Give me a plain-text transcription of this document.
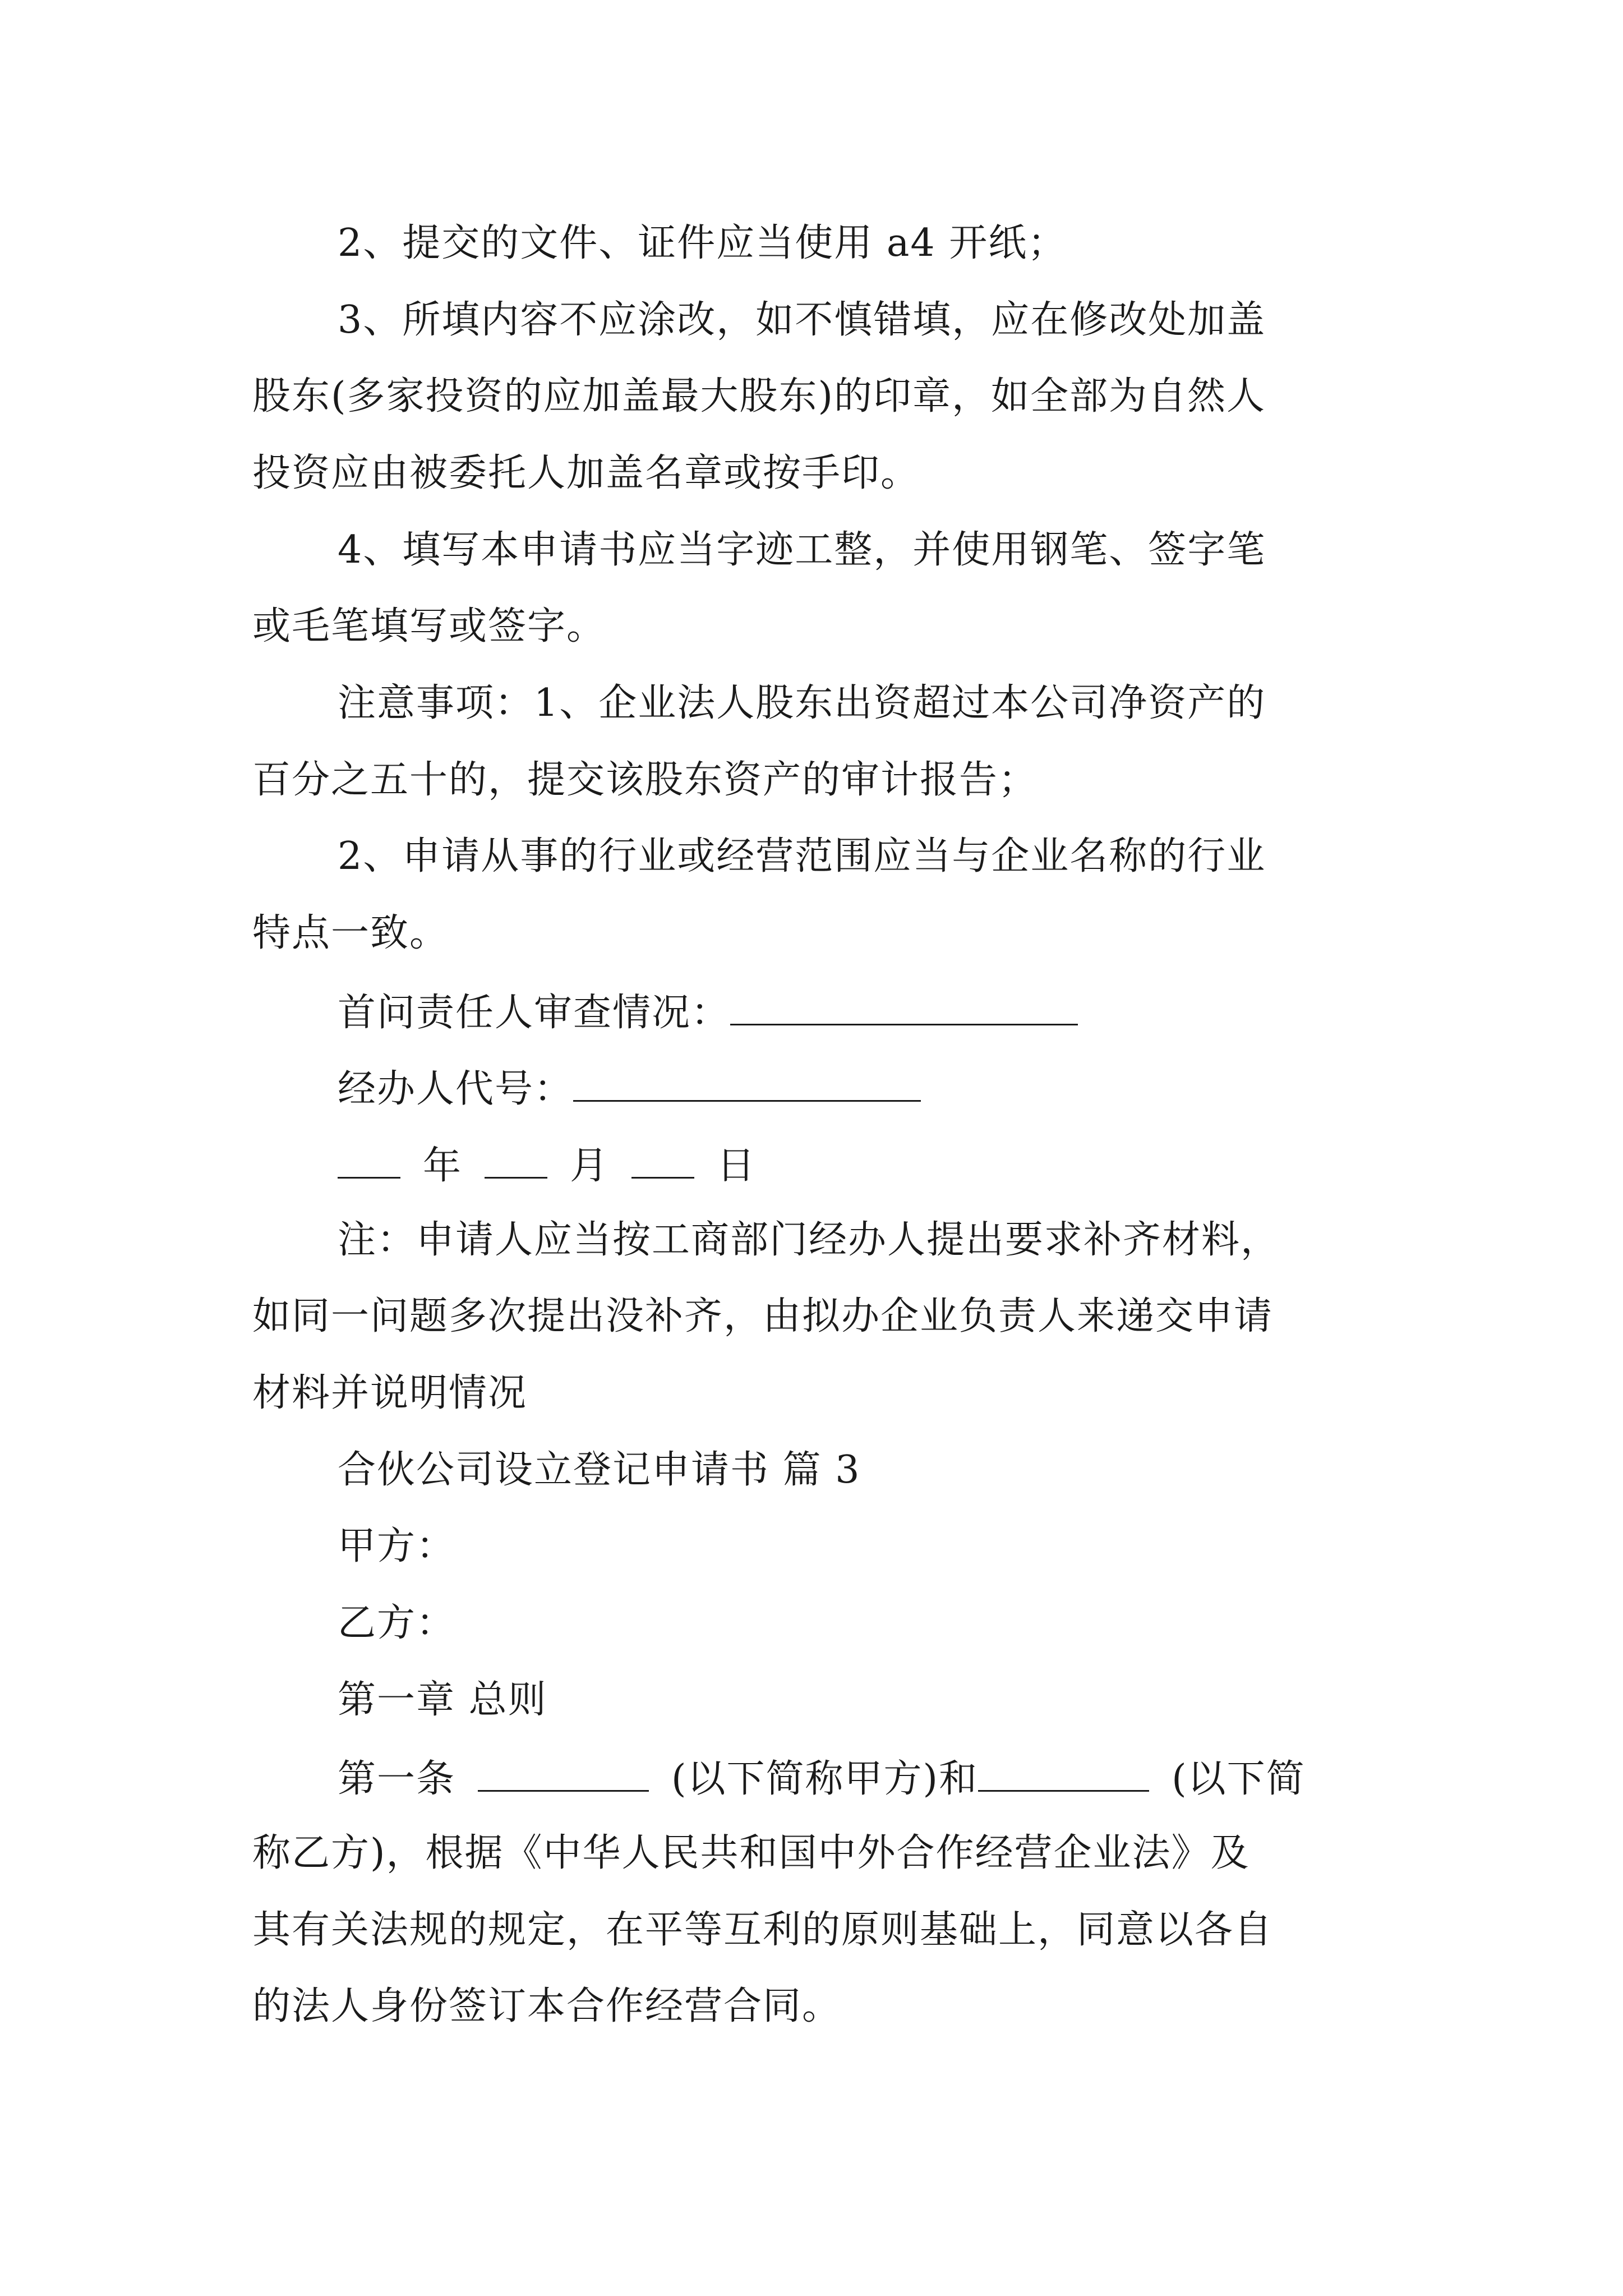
2、提交的文件、证件应当使用 a4 开纸；
3、所填内容不应涂改，如不慎错填，应在修改处加盖
股东(多家投资的应加盖最大股东)的印章，如全部为自然人
投资应由被委托人加盖名章或按手印。
4、填写本申请书应当字迹工整，并使用钢笔、签字笔
或毛笔填写或签字。
注意事项：1、企业法人股东出资超过本公司净资产的
百分之五十的，提交该股东资产的审计报告；
2、申请从事的行业或经营范围应当与企业名称的行业
特点一致。
首问责任人审查情况：
经办人代号：
年	月	日
注：申请人应当按工商部门经办人提出要求补齐材料，
如同一问题多次提出没补齐，由拟办企业负责人来递交申请
材料并说明情况
合伙公司设立登记申请书 篇 3
甲方：
乙方：
第一章 总则
第一条	(以下简称甲方)和	(以下简
称乙方)，根据《中华人民共和国中外合作经营企业法》及
其有关法规的规定，在平等互利的原则基础上，同意以各自
的法人身份签订本合作经营合同。
